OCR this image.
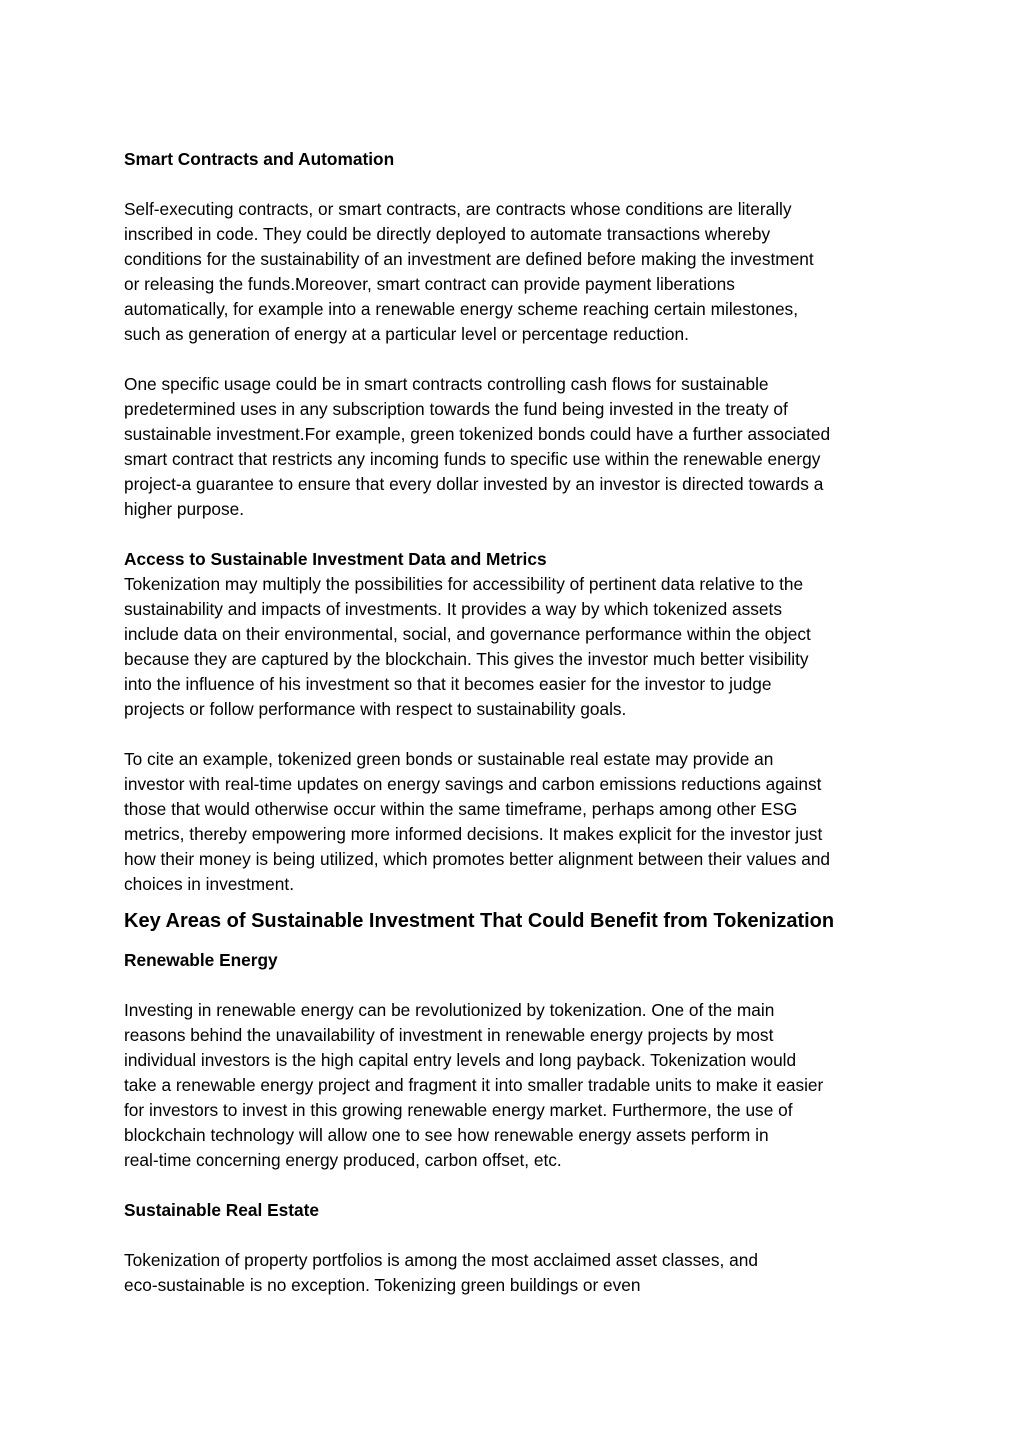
Smart Contracts and Automation

Self-executing contracts, or smart contracts, are contracts whose conditions are literally

inscribed in code. They could be directly deployed to automate transactions whereby

conditions for the sustainability of an investment are defined before making the investment

or releasing the funds.Moreover, smart contract can provide payment liberations

automatically, for example into a renewable energy scheme reaching certain milestones,

such as generation of energy at a particular level or percentage reduction.

One specific usage could be in smart contracts controlling cash flows for sustainable

predetermined uses in any subscription towards the fund being invested in the treaty of

sustainable investment.For example, green tokenized bonds could have a further associated

smart contract that restricts any incoming funds to specific use within the renewable energy

project-a guarantee to ensure that every dollar invested by an investor is directed towards a

higher purpose.

Access to Sustainable Investment Data and Metrics

Tokenization may multiply the possibilities for accessibility of pertinent data relative to the

sustainability and impacts of investments. It provides a way by which tokenized assets

include data on their environmental, social, and governance performance within the object

because they are captured by the blockchain. This gives the investor much better visibility

into the influence of his investment so that it becomes easier for the investor to judge

projects or follow performance with respect to sustainability goals.

To cite an example, tokenized green bonds or sustainable real estate may provide an

investor with real-time updates on energy savings and carbon emissions reductions against

those that would otherwise occur within the same timeframe, perhaps among other ESG

metrics, thereby empowering more informed decisions. It makes explicit for the investor just

how their money is being utilized, which promotes better alignment between their values and

choices in investment.

Key Areas of Sustainable Investment That Could Benefit from Tokenization

Renewable Energy

Investing in renewable energy can be revolutionized by tokenization. One of the main

reasons behind the unavailability of investment in renewable energy projects by most

individual investors is the high capital entry levels and long payback. Tokenization would

take a renewable energy project and fragment it into smaller tradable units to make it easier

for investors to invest in this growing renewable energy market. Furthermore, the use of

blockchain technology will allow one to see how renewable energy assets perform in

real-time concerning energy produced, carbon offset, etc.

Sustainable Real Estate

Tokenization of property portfolios is among the most acclaimed asset classes, and

eco-sustainable is no exception. Tokenizing green buildings or even
